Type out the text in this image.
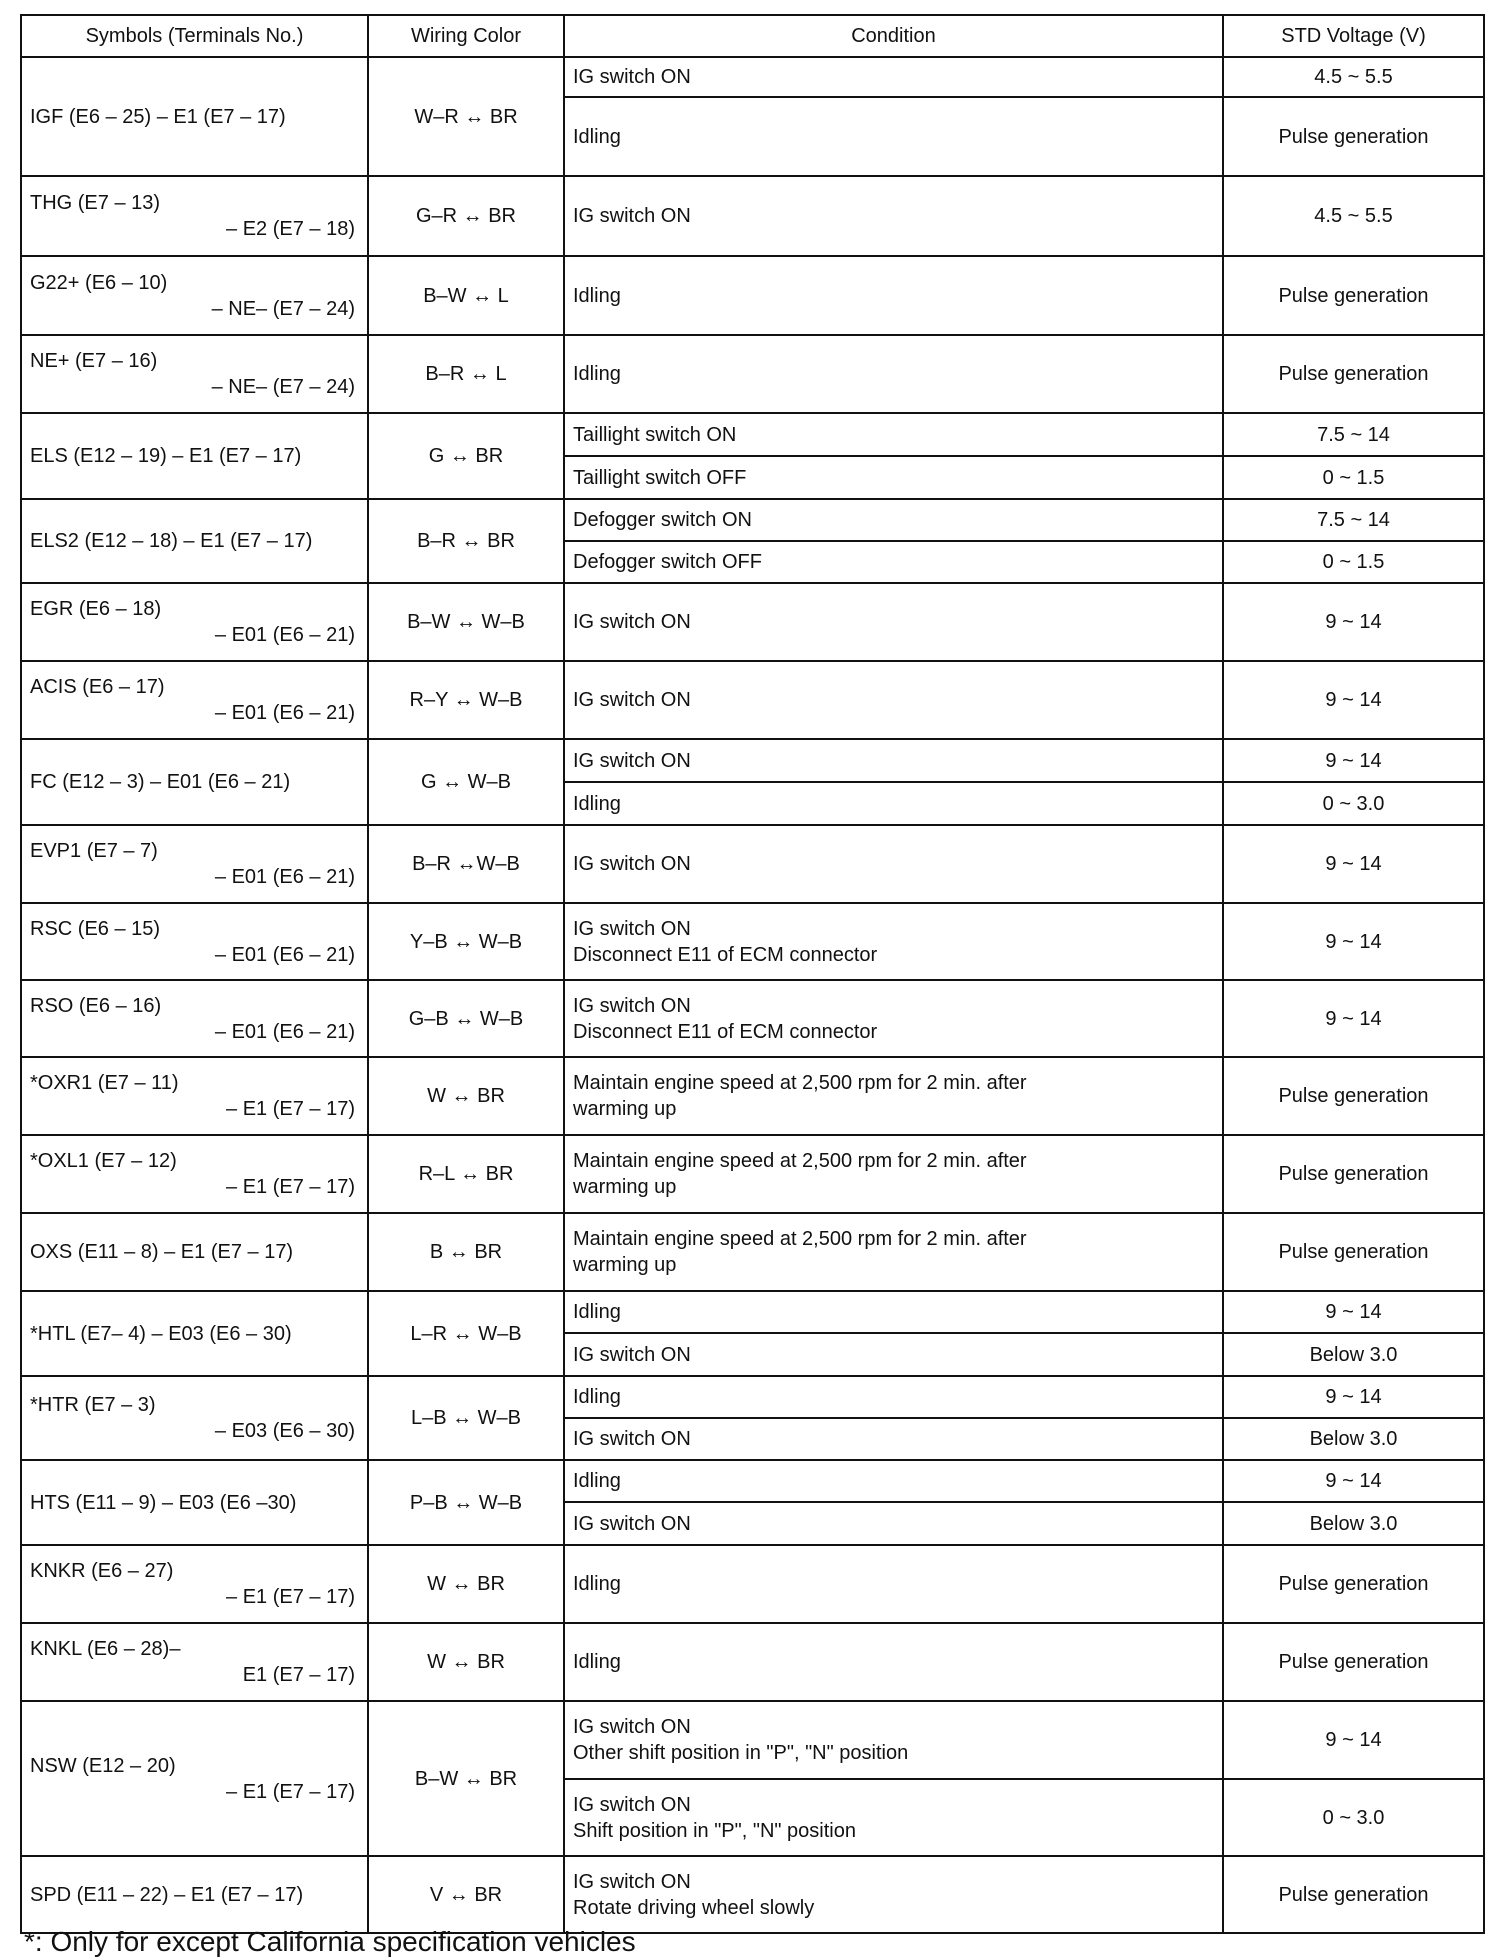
Symbols (Terminals No.)	Wiring Color	Condition	STD Voltage (V)

IGF (E6 – 25) – E1 (E7 – 17)	W–R ↔ BR	IG switch ON	4.5 ~ 5.5

		Idling	Pulse generation

THG (E7 – 13)
– E2 (E7 – 18)	G–R ↔ BR	IG switch ON	4.5 ~ 5.5

G22+ (E6 – 10)
– NE– (E7 – 24)	B–W ↔ L	Idling	Pulse generation

NE+ (E7 – 16)
– NE– (E7 – 24)	B–R ↔ L	Idling	Pulse generation

ELS (E12 – 19) – E1 (E7 – 17)	G ↔ BR	Taillight switch ON	7.5 ~ 14

		Taillight switch OFF	0 ~ 1.5

ELS2 (E12 – 18) – E1 (E7 – 17)	B–R ↔ BR	Defogger switch ON	7.5 ~ 14

		Defogger switch OFF	0 ~ 1.5

EGR (E6 – 18)
– E01 (E6 – 21)	B–W ↔ W–B	IG switch ON	9 ~ 14

ACIS (E6 – 17)
– E01 (E6 – 21)	R–Y ↔ W–B	IG switch ON	9 ~ 14

FC (E12 – 3) – E01 (E6 – 21)	G ↔ W–B	IG switch ON	9 ~ 14

		Idling	0 ~ 3.0

EVP1 (E7 – 7)
– E01 (E6 – 21)	B–R ↔W–B	IG switch ON	9 ~ 14

RSC (E6 – 15)
– E01 (E6 – 21)	Y–B ↔ W–B	IG switch ON
Disconnect E11 of ECM connector	9 ~ 14

RSO (E6 – 16)
– E01 (E6 – 21)	G–B ↔ W–B	IG switch ON
Disconnect E11 of ECM connector	9 ~ 14

*OXR1 (E7 – 11)
– E1 (E7 – 17)	W ↔ BR	Maintain engine speed at 2,500 rpm for 2 min. after
warming up	Pulse generation

*OXL1 (E7 – 12)
– E1 (E7 – 17)	R–L ↔ BR	Maintain engine speed at 2,500 rpm for 2 min. after
warming up	Pulse generation

OXS (E11 – 8) – E1 (E7 – 17)	B ↔ BR	Maintain engine speed at 2,500 rpm for 2 min. after
warming up	Pulse generation

*HTL (E7– 4) – E03 (E6 – 30)	L–R ↔ W–B	Idling	9 ~ 14

		IG switch ON	Below 3.0

*HTR (E7 – 3)
– E03 (E6 – 30)	L–B ↔ W–B	Idling	9 ~ 14

		IG switch ON	Below 3.0

HTS (E11 – 9) – E03 (E6 –30)	P–B ↔ W–B	Idling	9 ~ 14

		IG switch ON	Below 3.0

KNKR (E6 – 27)
– E1 (E7 – 17)	W ↔ BR	Idling	Pulse generation

KNKL (E6 – 28)–
E1 (E7 – 17)	W ↔ BR	Idling	Pulse generation

NSW (E12 – 20)
– E1 (E7 – 17)	B–W ↔ BR	IG switch ON
Other shift position in "P", "N" position	9 ~ 14

		IG switch ON
Shift position in "P", "N" position	0 ~ 3.0

SPD (E11 – 22) – E1 (E7 – 17)	V ↔ BR	IG switch ON
Rotate driving wheel slowly	Pulse generation
*: Only for except California specification vehicles
